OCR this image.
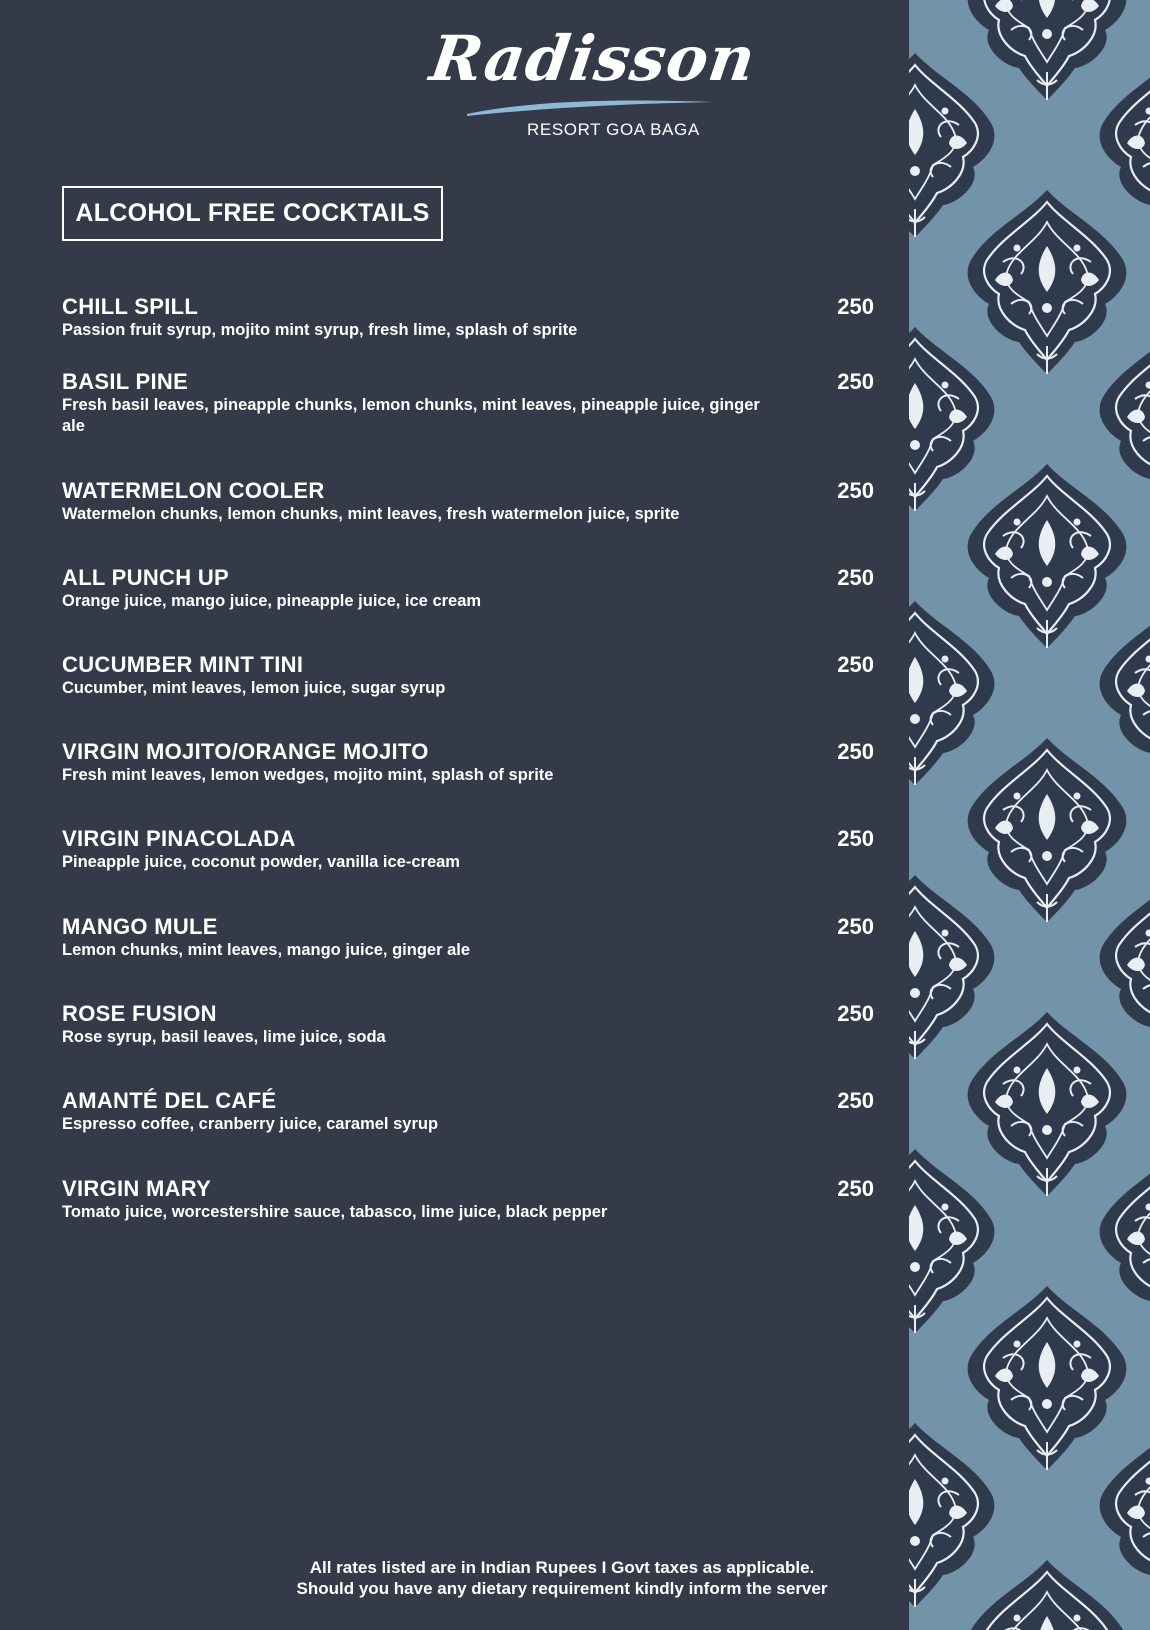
Radisson
RESORT GOA BAGA
ALCOHOL FREE COCKTAILS
CHILL SPILL
Passion fruit syrup, mojito mint syrup, fresh lime, splash of sprite
250
BASIL PINE
Fresh basil leaves, pineapple chunks, lemon chunks, mint leaves, pineapple juice, ginger ale
250
WATERMELON COOLER
Watermelon chunks, lemon chunks, mint leaves, fresh watermelon juice, sprite
250
ALL PUNCH UP
Orange juice, mango juice, pineapple juice, ice cream
250
CUCUMBER MINT TINI
Cucumber, mint leaves, lemon juice, sugar syrup
250
VIRGIN MOJITO/ORANGE MOJITO
Fresh mint leaves, lemon wedges, mojito mint, splash of sprite
250
VIRGIN PINACOLADA
Pineapple juice, coconut powder, vanilla ice-cream
250
MANGO MULE
Lemon chunks, mint leaves, mango juice, ginger ale
250
ROSE FUSION
Rose syrup, basil leaves, lime juice, soda
250
AMANTÉ DEL CAFÉ
Espresso coffee, cranberry juice, caramel syrup
250
VIRGIN MARY
Tomato juice, worcestershire sauce, tabasco, lime juice, black pepper
250
All rates listed are in Indian Rupees I Govt taxes as applicable.
Should you have any dietary requirement kindly inform the server
